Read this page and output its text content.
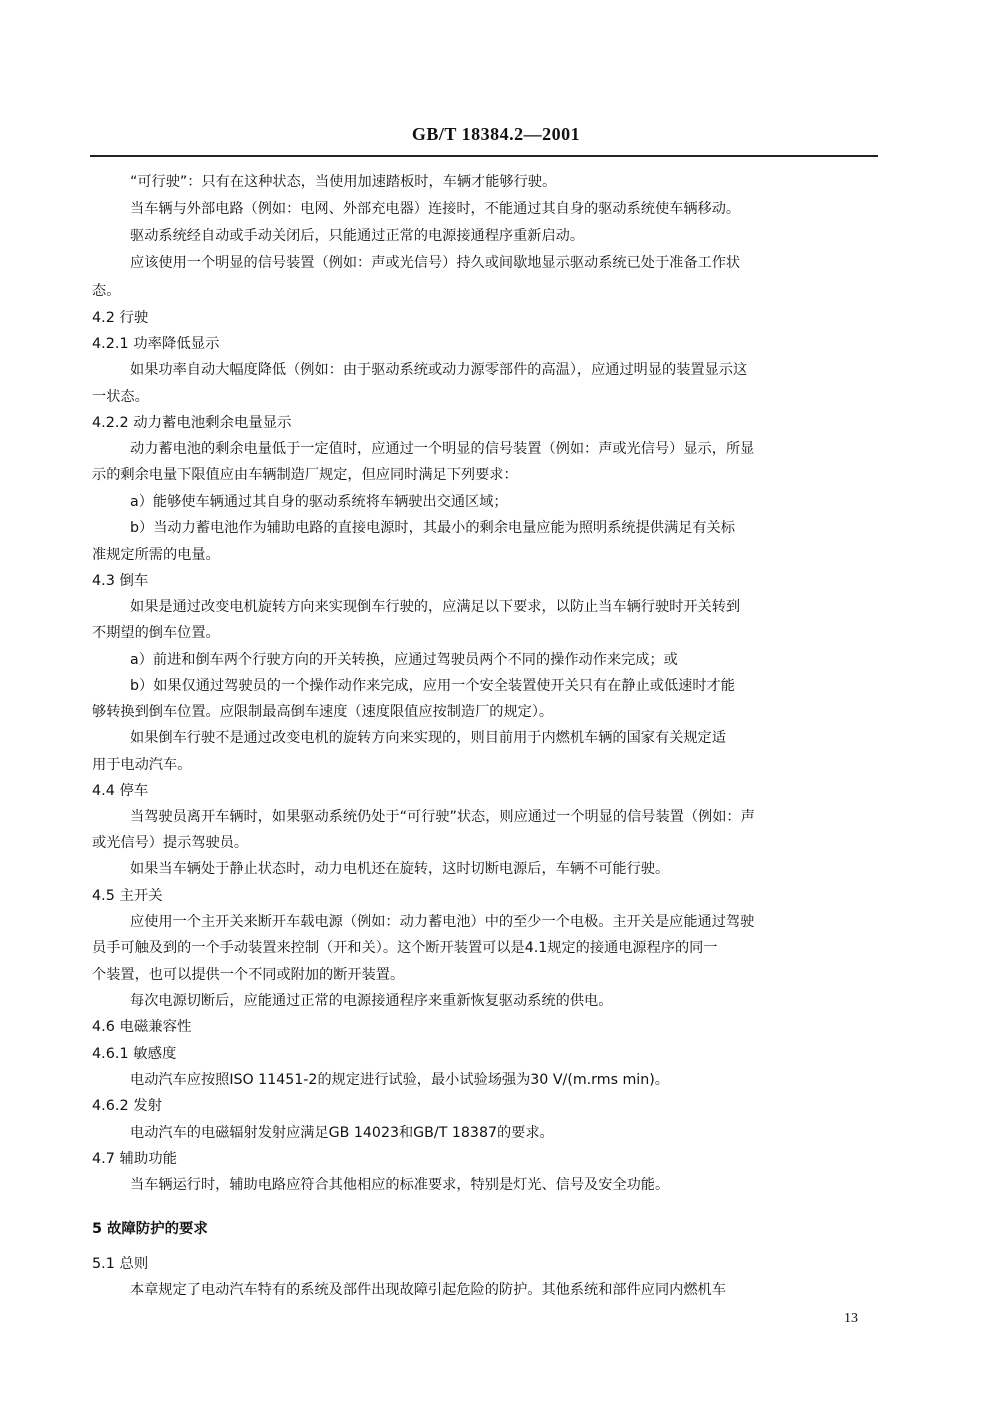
GB/T 18384.2—2001
“可行驶”：只有在这种状态，当使用加速踏板时，车辆才能够行驶。
当车辆与外部电路（例如：电网、外部充电器）连接时，不能通过其自身的驱动系统使车辆移动。
驱动系统经自动或手动关闭后，只能通过正常的电源接通程序重新启动。
应该使用一个明显的信号装置（例如：声或光信号）持久或间歇地显示驱动系统已处于准备工作状
态。
4.2 行驶
4.2.1 功率降低显示
如果功率自动大幅度降低（例如：由于驱动系统或动力源零部件的高温），应通过明显的装置显示这
一状态。
4.2.2 动力蓄电池剩余电量显示
动力蓄电池的剩余电量低于一定值时，应通过一个明显的信号装置（例如：声或光信号）显示，所显
示的剩余电量下限值应由车辆制造厂规定，但应同时满足下列要求：
a）能够使车辆通过其自身的驱动系统将车辆驶出交通区域；
b）当动力蓄电池作为辅助电路的直接电源时，其最小的剩余电量应能为照明系统提供满足有关标
准规定所需的电量。
4.3 倒车
如果是通过改变电机旋转方向来实现倒车行驶的，应满足以下要求，以防止当车辆行驶时开关转到
不期望的倒车位置。
a）前进和倒车两个行驶方向的开关转换，应通过驾驶员两个不同的操作动作来完成；或
b）如果仅通过驾驶员的一个操作动作来完成，应用一个安全装置使开关只有在静止或低速时才能
够转换到倒车位置。应限制最高倒车速度（速度限值应按制造厂的规定）。
如果倒车行驶不是通过改变电机的旋转方向来实现的，则目前用于内燃机车辆的国家有关规定适
用于电动汽车。
4.4 停车
当驾驶员离开车辆时，如果驱动系统仍处于“可行驶”状态，则应通过一个明显的信号装置（例如：声
或光信号）提示驾驶员。
如果当车辆处于静止状态时，动力电机还在旋转，这时切断电源后，车辆不可能行驶。
4.5 主开关
应使用一个主开关来断开车载电源（例如：动力蓄电池）中的至少一个电极。主开关是应能通过驾驶
员手可触及到的一个手动装置来控制（开和关）。这个断开装置可以是4.1规定的接通电源程序的同一
个装置，也可以提供一个不同或附加的断开装置。
每次电源切断后，应能通过正常的电源接通程序来重新恢复驱动系统的供电。
4.6 电磁兼容性
4.6.1 敏感度
电动汽车应按照ISO 11451-2的规定进行试验，最小试验场强为30 V/(m.rms min)。
4.6.2 发射
电动汽车的电磁辐射发射应满足GB 14023和GB/T 18387的要求。
4.7 辅助功能
当车辆运行时，辅助电路应符合其他相应的标准要求，特别是灯光、信号及安全功能。
5 故障防护的要求
5.1 总则
本章规定了电动汽车特有的系统及部件出现故障引起危险的防护。其他系统和部件应同内燃机车
13
